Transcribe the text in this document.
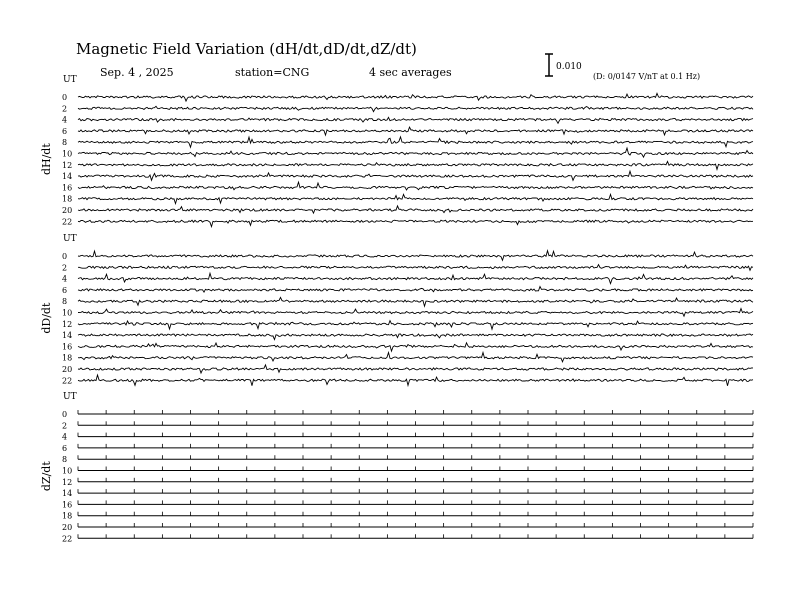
Magnetic Field Variation (dH/dt,dD/dt,dZ/dt)
Sep. 4 , 2025	station=CNG	4 sec averages	0.010
(D: 0/0147 V/nT at 0.1 Hz)
UT
dH/dt
0
2
4
6
8
10
12
14
16
18
20
22
UT
dD/dt
0
2
4
6
8
10
12
14
16
18
20
22
UT
dZ/dt
0
2
4
6
8
10
12
14
16
18
20
22
